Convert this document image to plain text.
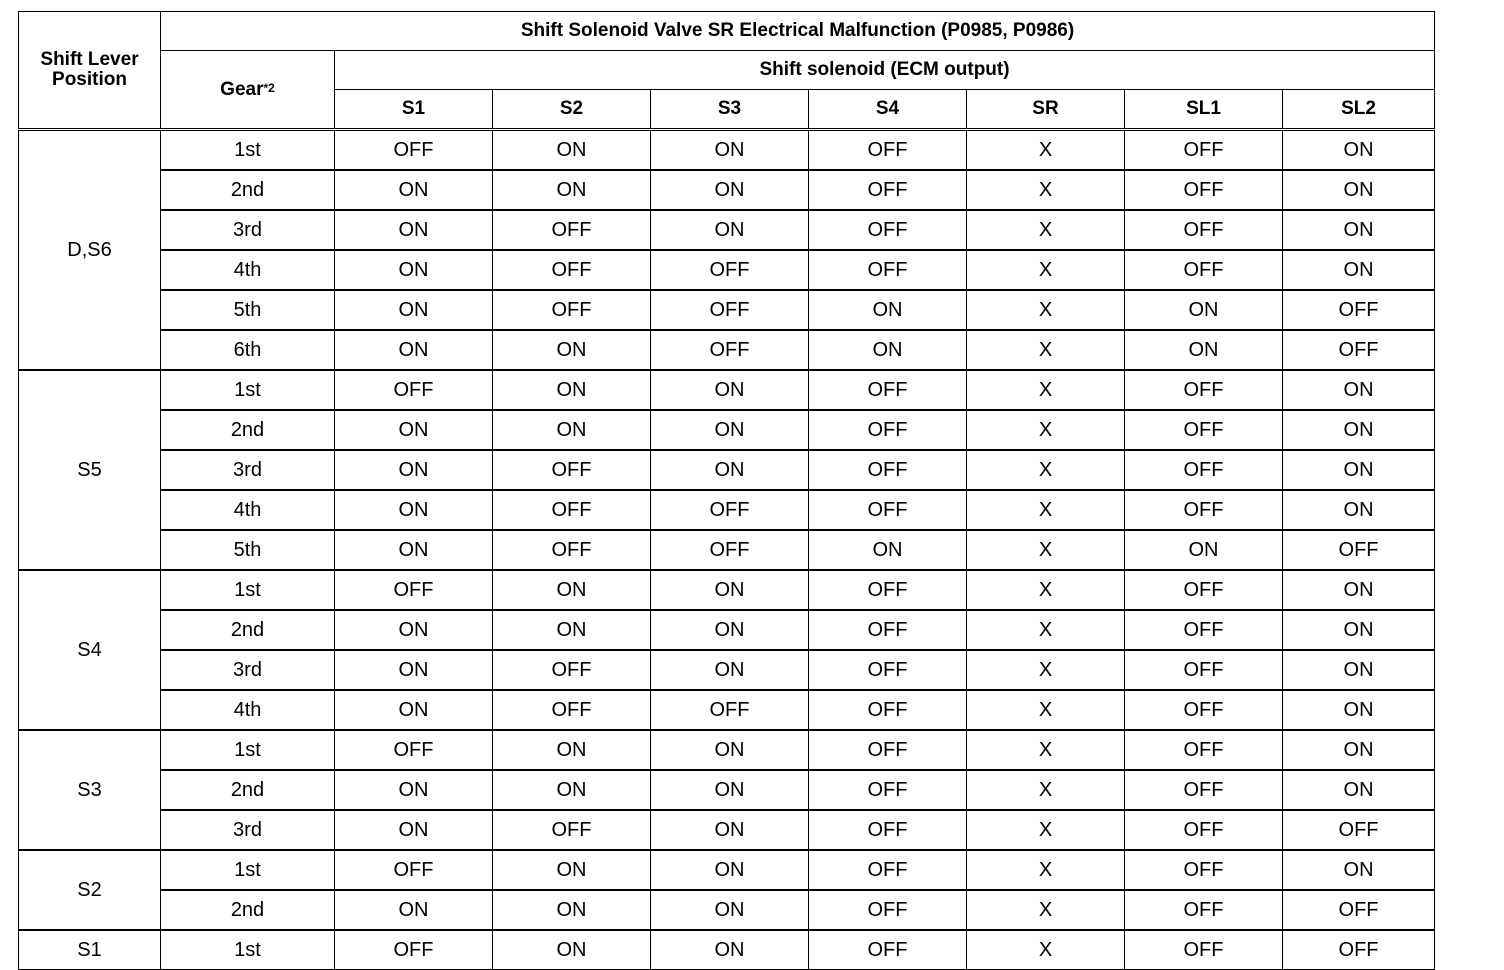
Shift Lever
Position	Shift Solenoid Valve SR Electrical Malfunction (P0985, P0986)							
	Gear$^{*2}$	Shift solenoid (ECM output)						
		S1	S2	S3	S4	SR	SL1	SL2
D,S6	1st	OFF	ON	ON	OFF	X	OFF	ON
	2nd	ON	ON	ON	OFF	X	OFF	ON
	3rd	ON	OFF	ON	OFF	X	OFF	ON
	4th	ON	OFF	OFF	OFF	X	OFF	ON
	5th	ON	OFF	OFF	ON	X	ON	OFF
	6th	ON	ON	OFF	ON	X	ON	OFF
S5	1st	OFF	ON	ON	OFF	X	OFF	ON
	2nd	ON	ON	ON	OFF	X	OFF	ON
	3rd	ON	OFF	ON	OFF	X	OFF	ON
	4th	ON	OFF	OFF	OFF	X	OFF	ON
	5th	ON	OFF	OFF	ON	X	ON	OFF
S4	1st	OFF	ON	ON	OFF	X	OFF	ON
	2nd	ON	ON	ON	OFF	X	OFF	ON
	3rd	ON	OFF	ON	OFF	X	OFF	ON
	4th	ON	OFF	OFF	OFF	X	OFF	ON
S3	1st	OFF	ON	ON	OFF	X	OFF	ON
	2nd	ON	ON	ON	OFF	X	OFF	ON
	3rd	ON	OFF	ON	OFF	X	OFF	OFF
S2	1st	OFF	ON	ON	OFF	X	OFF	ON
	2nd	ON	ON	ON	OFF	X	OFF	OFF
S1	1st	OFF	ON	ON	OFF	X	OFF	OFF
